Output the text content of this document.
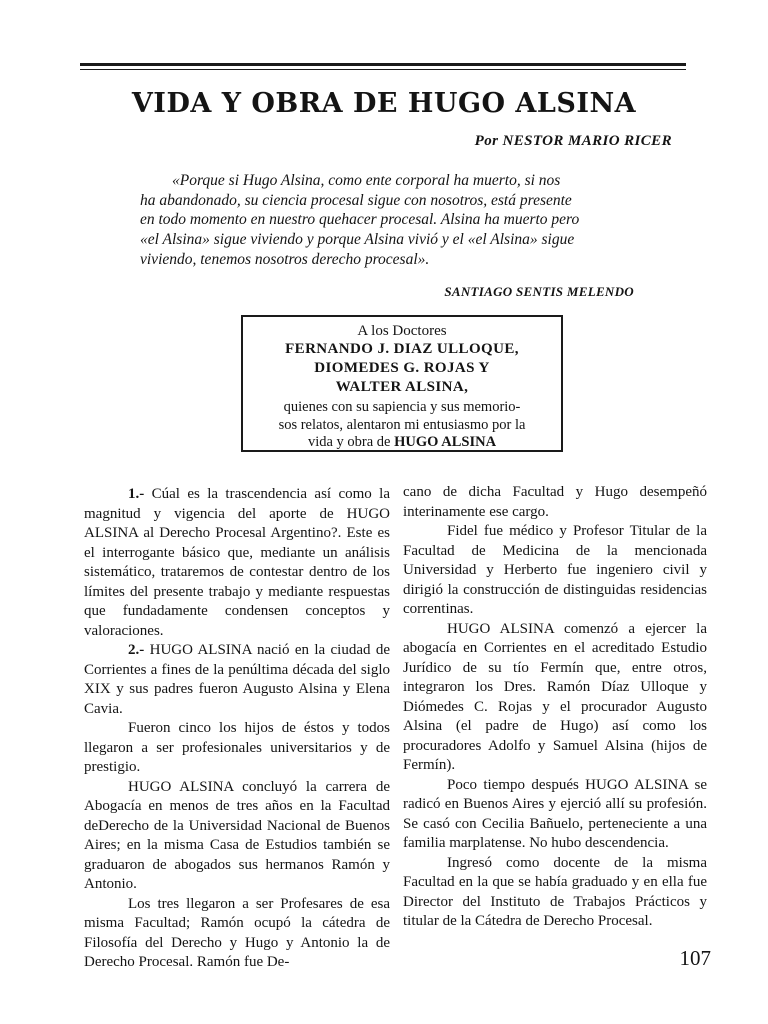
VIDA Y OBRA DE HUGO ALSINA
Por NESTOR MARIO RICER
«Porque si Hugo Alsina, como ente corporal ha muerto, si nos
ha abandonado, su ciencia procesal sigue con nosotros, está presente
en todo momento en nuestro quehacer procesal. Alsina ha muerto pero
«el Alsina» sigue viviendo y porque Alsina vivió y el «el Alsina» sigue
viviendo, tenemos nosotros derecho procesal».
SANTIAGO SENTIS MELENDO
A los Doctores
FERNANDO J. DIAZ ULLOQUE,
DIOMEDES G. ROJAS Y
WALTER ALSINA,
quienes con su sapiencia y sus memorio-
sos relatos, alentaron mi entusiasmo por la
vida y obra de HUGO ALSINA

1.- Cúal es la trascendencia así como la magnitud y vigencia del aporte de HUGO ALSINA al Derecho Procesal Argentino?. Este es el interrogante básico que, mediante un análisis sistemático, trataremos de contestar dentro de los límites del presente trabajo y mediante respuestas que fundadamente condensen conceptos y valoraciones.

2.- HUGO ALSINA nació en la ciudad de Corrientes a fines de la penúltima década del siglo XIX y sus padres fueron Augusto Alsina y Elena Cavia.

Fueron cinco los hijos de éstos y todos llegaron a ser profesionales universitarios y de prestigio.

HUGO ALSINA concluyó la carrera de Abogacía en menos de tres años en la Facultad deDerecho de la Universidad Nacional de Buenos Aires; en la misma Casa de Estudios también se graduaron de abogados sus hermanos Ramón y Antonio.

Los tres llegaron a ser Profesares de esa misma Facultad; Ramón ocupó la cátedra de Filosofía del Derecho y Hugo y Antonio la de Derecho Procesal. Ramón fue De-

cano de dicha Facultad y Hugo desempeñó interinamente ese cargo.

Fidel fue médico y Profesor Titular de la Facultad de Medicina de la mencionada Universidad y Herberto fue ingeniero civil y dirigió la construcción de distinguidas residencias correntinas.

HUGO ALSINA comenzó a ejercer la abogacía en Corrientes en el acreditado Estudio Jurídico de su tío Fermín que, entre otros, integraron los Dres. Ramón Díaz Ulloque y Diómedes C. Rojas y el procurador Augusto Alsina (el padre de Hugo) así como los procuradores Adolfo y Samuel Alsina (hijos de Fermín).

Poco tiempo después HUGO ALSINA se radicó en Buenos Aires y ejerció allí su profesión. Se casó con Cecilia Bañuelo, perteneciente a una familia marplatense. No hubo descendencia.

Ingresó como docente de la misma Facultad en la que se había graduado y en ella fue Director del Instituto de Trabajos Prácticos y titular de la Cátedra de Derecho Procesal.

107
